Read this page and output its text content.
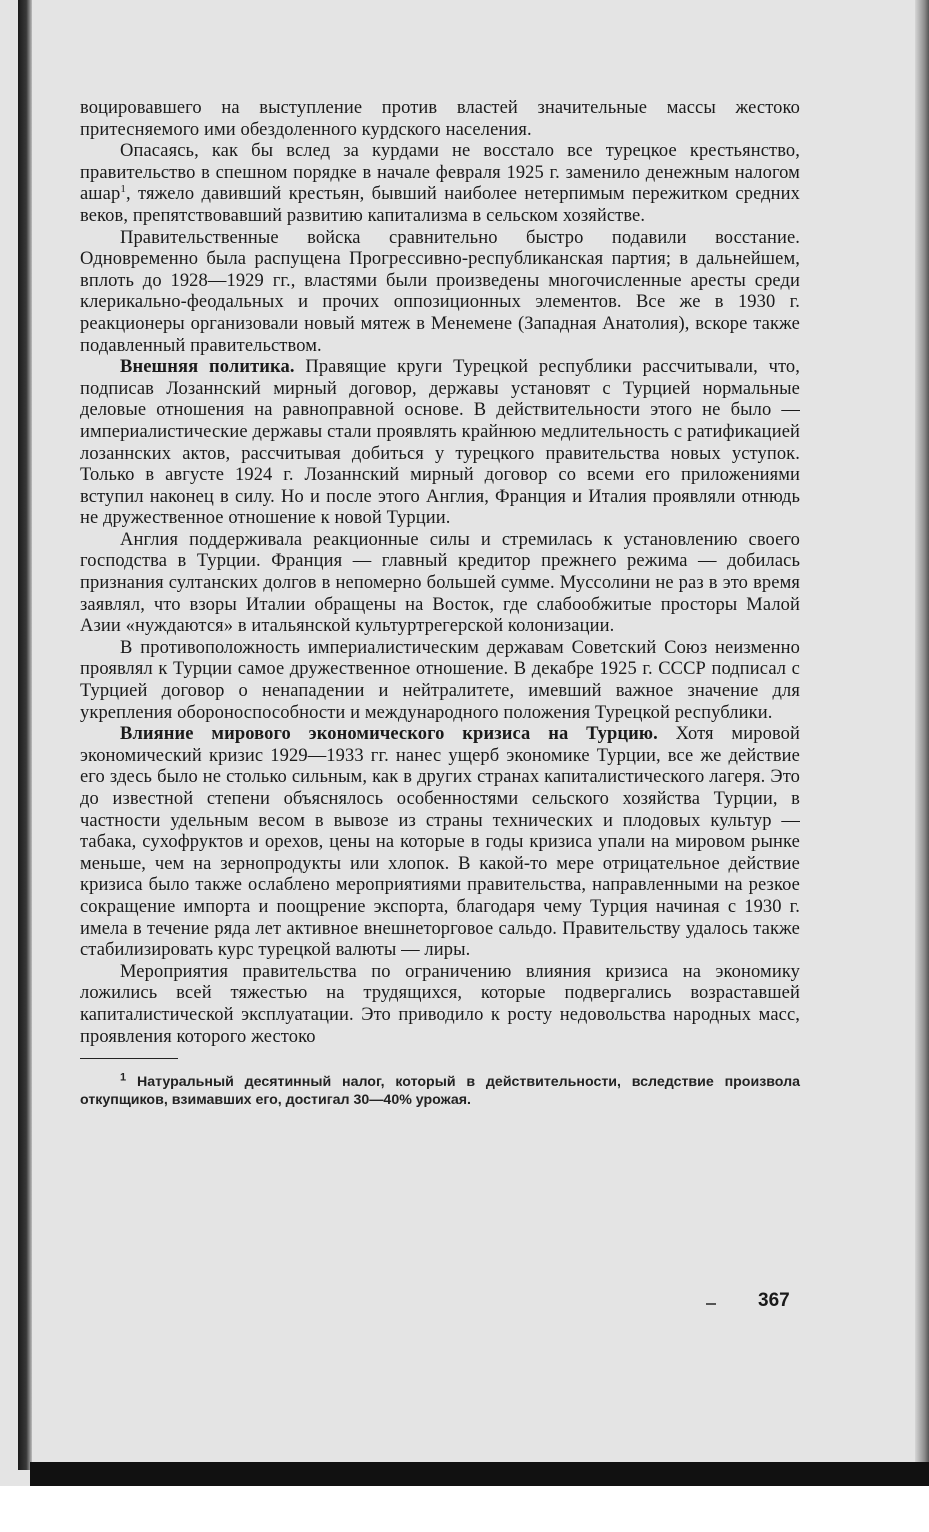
воцировавшего на выступление против властей значительные массы жестоко притесняемого ими обездоленного курдского населения.

Опасаясь, как бы вслед за курдами не восстало все турецкое крестьянство, правительство в спешном порядке в начале февраля 1925 г. заменило денежным налогом ашар$^1$, тяжело давивший крестьян, бывший наиболее нетерпимым пережитком средних веков, препятствовавший развитию капитализма в сельском хозяйстве.

Правительственные войска сравнительно быстро подавили восстание. Одновременно была распущена Прогрессивно-республиканская партия; в дальнейшем, вплоть до 1928—1929 гг., властями были произведены многочисленные аресты среди клерикально-феодальных и прочих оппозиционных элементов. Все же в 1930 г. реакционеры организовали новый мятеж в Менемене (Западная Анатолия), вскоре также подавленный правительством.

Внешняя политика. Правящие круги Турецкой республики рассчитывали, что, подписав Лозаннский мирный договор, державы установят с Турцией нормальные деловые отношения на равноправной основе. В действительности этого не было — империалистические державы стали проявлять крайнюю медлительность с ратификацией лозаннских актов, рассчитывая добиться у турецкого правительства новых уступок. Только в августе 1924 г. Лозаннский мирный договор со всеми его приложениями вступил наконец в силу. Но и после этого Англия, Франция и Италия проявляли отнюдь не дружественное отношение к новой Турции.

Англия поддерживала реакционные силы и стремилась к установлению своего господства в Турции. Франция — главный кредитор прежнего режима — добилась признания султанских долгов в непомерно большей сумме. Муссолини не раз в это время заявлял, что взоры Италии обращены на Восток, где слабообжитые просторы Малой Азии «нуждаются» в итальянской культуртрегерской колонизации.

В противоположность империалистическим державам Советский Союз неизменно проявлял к Турции самое дружественное отношение. В декабре 1925 г. СССР подписал с Турцией договор о ненападении и нейтралитете, имевший важное значение для укрепления обороноспособности и международного положения Турецкой республики.

Влияние мирового экономического кризиса на Турцию. Хотя мировой экономический кризис 1929—1933 гг. нанес ущерб экономике Турции, все же действие его здесь было не столько сильным, как в других странах капиталистического лагеря. Это до известной степени объяснялось особенностями сельского хозяйства Турции, в частности удельным весом в вывозе из страны технических и плодовых культур — табака, сухофруктов и орехов, цены на которые в годы кризиса упали на мировом рынке меньше, чем на зернопродукты или хлопок. В какой-то мере отрицательное действие кризиса было также ослаблено мероприятиями правительства, направленными на резкое сокращение импорта и поощрение экспорта, благодаря чему Турция начиная с 1930 г. имела в течение ряда лет активное внешнеторговое сальдо. Правительству удалось также стабилизировать курс турецкой валюты — лиры.

Мероприятия правительства по ограничению влияния кризиса на экономику ложились всей тяжестью на трудящихся, которые подвергались возраставшей капиталистической эксплуатации. Это приводило к росту недовольства народных масс, проявления которого жестоко

$^1$ Натуральный десятинный налог, который в действительности, вследствие произвола откупщиков, взимавших его, достигал 30—40% урожая.

367
